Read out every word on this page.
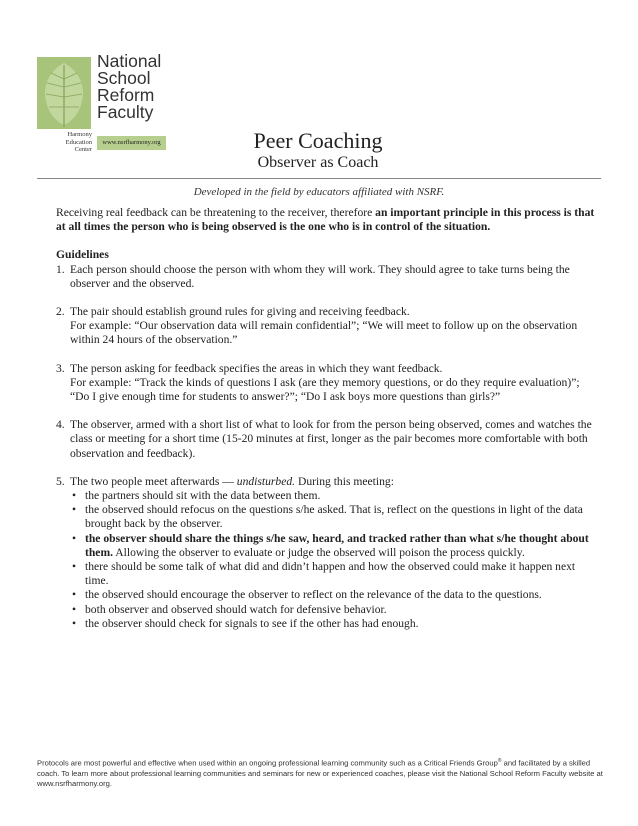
National
School
Reform
Faculty
Harmony
Education
Center
www.nsrfharmony.org	Peer Coaching
Observer as Coach
Developed in the field by educators affiliated with NSRF.

Receiving real feedback can be threatening to the receiver, therefore an important principle in this process is that at all times the person who is being observed is the one who is in control of the situation.

Guidelines

1. Each person should choose the person with whom they will work. They should agree to take turns being the observer and the observed.
2. The pair should establish ground rules for giving and receiving feedback.
For example: “Our observation data will remain confidential”; “We will meet to follow up on the observation within 24 hours of the observation.”
3. The person asking for feedback specifies the areas in which they want feedback.
For example: “Track the kinds of questions I ask (are they memory questions, or do they require evaluation)”; “Do I give enough time for students to answer?”; “Do I ask boys more questions than girls?”
4. The observer, armed with a short list of what to look for from the person being observed, comes and watches the class or meeting for a short time (15-20 minutes at first, longer as the pair becomes more comfortable with both observation and feedback).
5. The two people meet afterwards — undisturbed. During this meeting:
• the partners should sit with the data between them.
• the observed should refocus on the questions s/he asked. That is, reflect on the questions in light of the data brought back by the observer.
• the observer should share the things s/he saw, heard, and tracked rather than what s/he thought about them. Allowing the observer to evaluate or judge the observed will poison the process quickly.
• there should be some talk of what did and didn’t happen and how the observed could make it happen next time.
• the observed should encourage the observer to reflect on the relevance of the data to the questions.
• both observer and observed should watch for defensive behavior.
• the observer should check for signals to see if the other has had enough.
Protocols are most powerful and effective when used within an ongoing professional learning community such as a Critical Friends Group® and facilitated by a skilled coach. To learn more about professional learning communities and seminars for new or experienced coaches, please visit the National School Reform Faculty website at www.nsrfharmony.org.
